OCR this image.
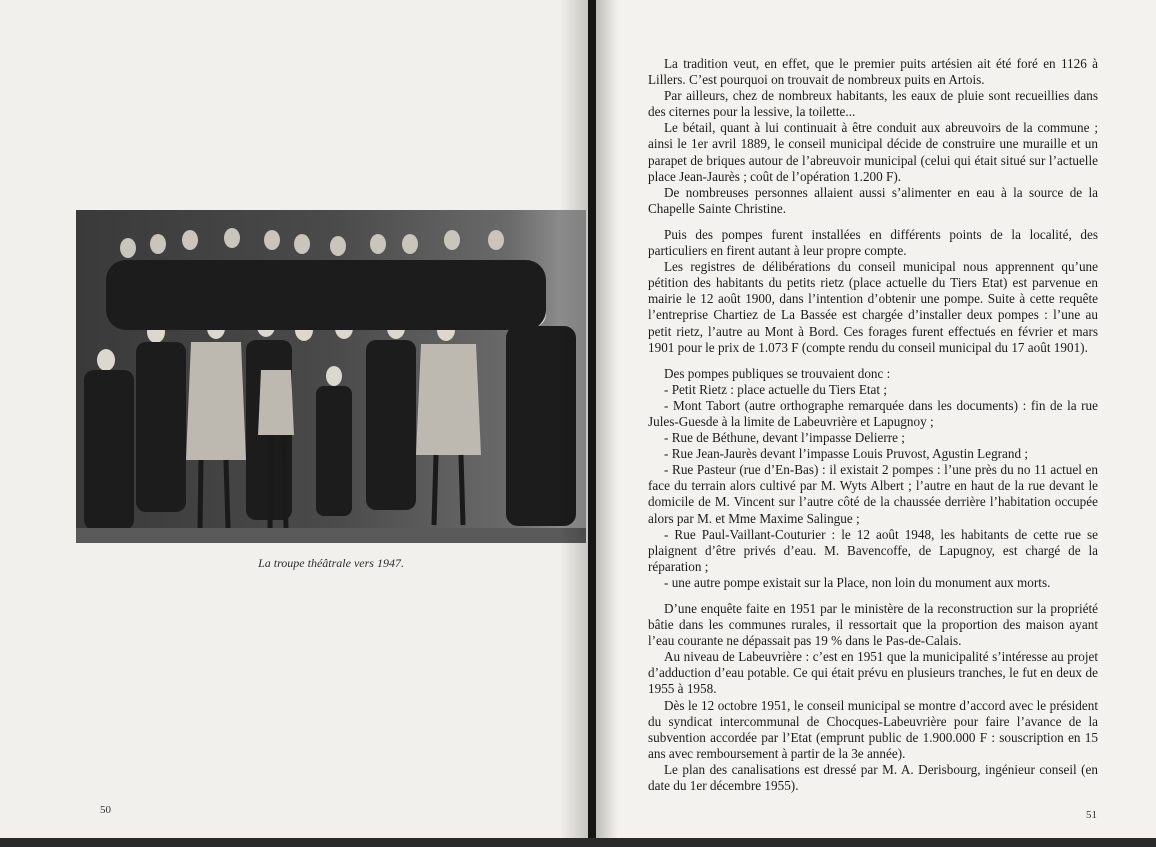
La troupe théâtrale vers 1947.
50	51

La tradition veut, en effet, que le premier puits artésien ait été foré en 1126 à Lillers. C’est pourquoi on trouvait de nombreux puits en Artois.

Par ailleurs, chez de nombreux habitants, les eaux de pluie sont recueillies dans des citernes pour la lessive, la toilette...

Le bétail, quant à lui continuait à être conduit aux abreuvoirs de la commune ; ainsi le 1er avril 1889, le conseil municipal décide de construire une muraille et un parapet de briques autour de l’abreuvoir municipal (celui qui était situé sur l’actuelle place Jean-Jaurès ; coût de l’opération 1.200 F).

De nombreuses personnes allaient aussi s’alimenter en eau à la source de la Chapelle Sainte Christine.

Puis des pompes furent installées en différents points de la localité, des particuliers en firent autant à leur propre compte.

Les registres de délibérations du conseil municipal nous apprennent qu’une pétition des habitants du petits rietz (place actuelle du Tiers Etat) est parvenue en mairie le 12 août 1900, dans l’intention d’obtenir une pompe. Suite à cette requête l’entreprise Chartiez de La Bassée est chargée d’installer deux pompes : l’une au petit rietz, l’autre au Mont à Bord. Ces forages furent effectués en février et mars 1901 pour le prix de 1.073 F (compte rendu du conseil municipal du 17 août 1901).

Des pompes publiques se trouvaient donc :

- Petit Rietz : place actuelle du Tiers Etat ;

- Mont Tabort (autre orthographe remarquée dans les documents) : fin de la rue Jules-Guesde à la limite de Labeuvrière et Lapugnoy ;

- Rue de Béthune, devant l’impasse Delierre ;

- Rue Jean-Jaurès devant l’impasse Louis Pruvost, Agustin Legrand ;

- Rue Pasteur (rue d’En-Bas) : il existait 2 pompes : l’une près du no 11 actuel en face du terrain alors cultivé par M. Wyts Albert ; l’autre en haut de la rue devant le domicile de M. Vincent sur l’autre côté de la chaussée derrière l’habitation occupée alors par M. et Mme Maxime Salingue ;

- Rue Paul-Vaillant-Couturier : le 12 août 1948, les habitants de cette rue se plaignent d’être privés d’eau. M. Bavencoffe, de Lapugnoy, est chargé de la réparation ;

- une autre pompe existait sur la Place, non loin du monument aux morts.

D’une enquête faite en 1951 par le ministère de la reconstruction sur la propriété bâtie dans les communes rurales, il ressortait que la proportion des maison ayant l’eau courante ne dépassait pas 19 % dans le Pas-de-Calais.

Au niveau de Labeuvrière : c’est en 1951 que la municipalité s’intéresse au projet d’adduction d’eau potable. Ce qui était prévu en plusieurs tranches, le fut en deux de 1955 à 1958.

Dès le 12 octobre 1951, le conseil municipal se montre d’accord avec le président du syndicat intercommunal de Chocques-Labeuvrière pour faire l’avance de la subvention accordée par l’Etat (emprunt public de 1.900.000 F : souscription en 15 ans avec remboursement à partir de la 3e année).

Le plan des canalisations est dressé par M. A. Derisbourg, ingénieur conseil (en date du 1er décembre 1955).
